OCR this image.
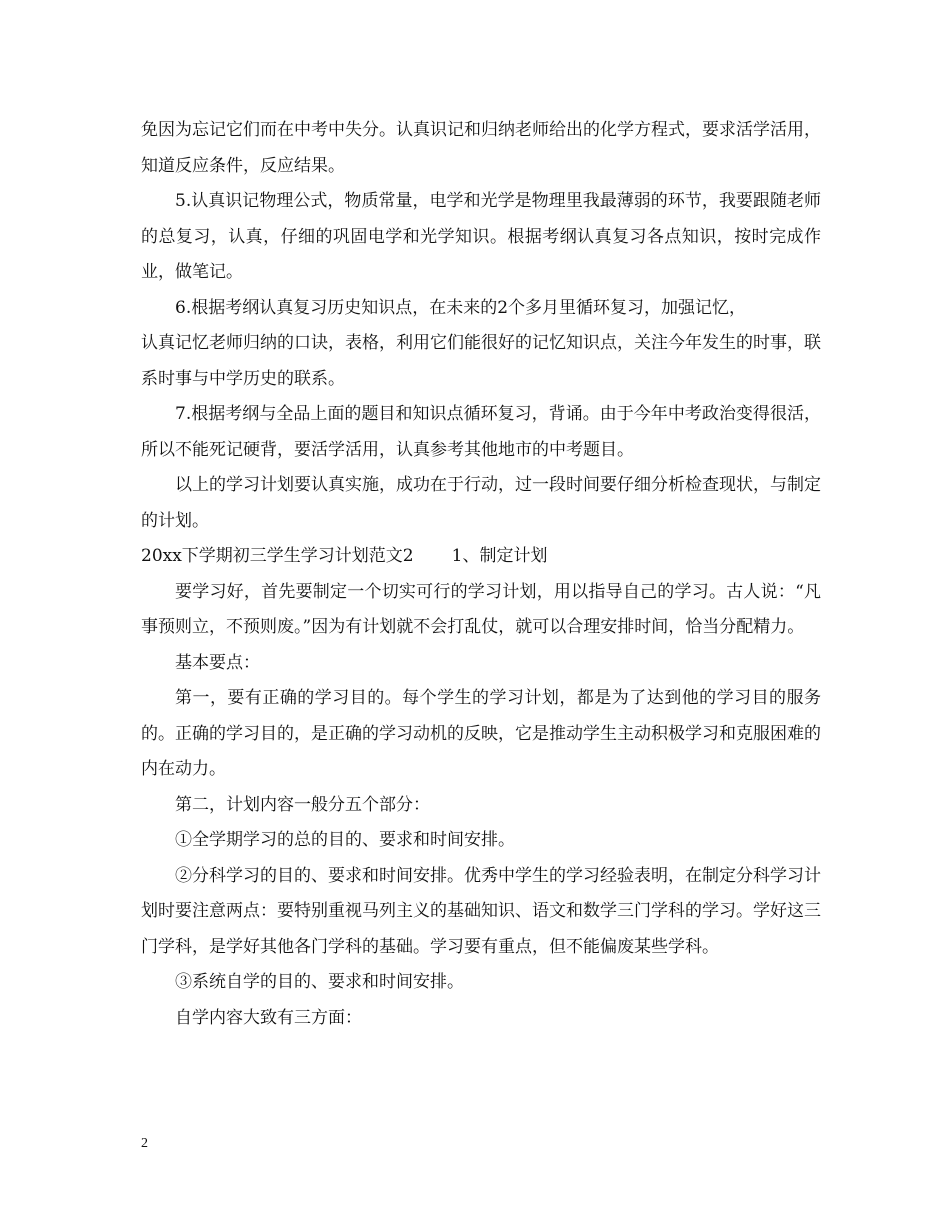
免因为忘记它们而在中考中失分。认真识记和归纳老师给出的化学方程式，要求活学活用，知道反应条件，反应结果。

5.认真识记物理公式，物质常量，电学和光学是物理里我最薄弱的环节，我要跟随老师的总复习，认真，仔细的巩固电学和光学知识。根据考纲认真复习各点知识，按时完成作业，做笔记。

6.根据考纲认真复习历史知识点，在未来的2个多月里循环复习，加强记忆，

认真记忆老师归纳的口诀，表格，利用它们能很好的记忆知识点，关注今年发生的时事，联系时事与中学历史的联系。

7.根据考纲与全品上面的题目和知识点循环复习，背诵。由于今年中考政治变得很活，所以不能死记硬背，要活学活用，认真参考其他地市的中考题目。

以上的学习计划要认真实施，成功在于行动，过一段时间要仔细分析检查现状，与制定的计划。

20xx下学期初三学生学习计划范文2 1、制定计划

要学习好，首先要制定一个切实可行的学习计划，用以指导自己的学习。古人说：“凡事预则立，不预则废。”因为有计划就不会打乱仗，就可以合理安排时间，恰当分配精力。

基本要点：

第一，要有正确的学习目的。每个学生的学习计划，都是为了达到他的学习目的服务的。正确的学习目的，是正确的学习动机的反映，它是推动学生主动积极学习和克服困难的内在动力。

第二，计划内容一般分五个部分：

①全学期学习的总的目的、要求和时间安排。

②分科学习的目的、要求和时间安排。优秀中学生的学习经验表明，在制定分科学习计划时要注意两点：要特别重视马列主义的基础知识、语文和数学三门学科的学习。学好这三门学科，是学好其他各门学科的基础。学习要有重点，但不能偏废某些学科。

③系统自学的目的、要求和时间安排。

自学内容大致有三方面：

2
